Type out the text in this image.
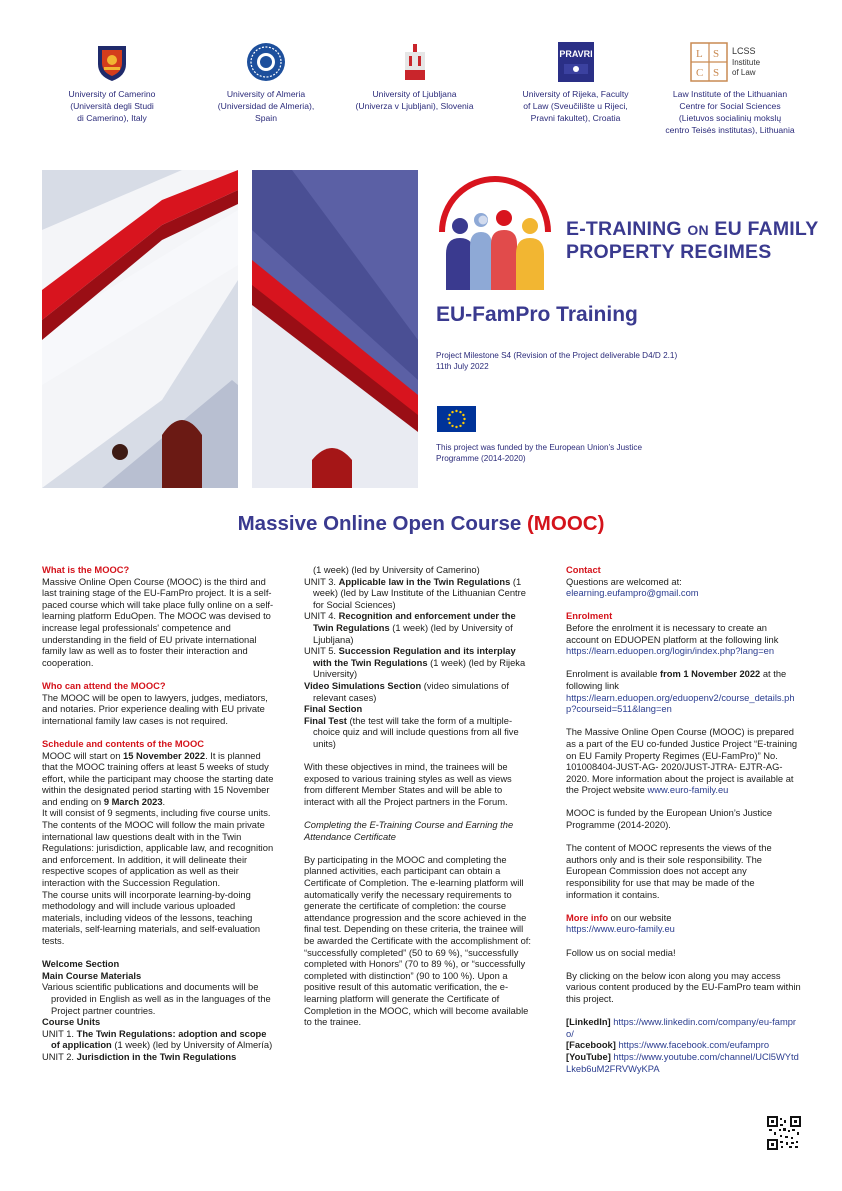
University of Camerino
(Università degli Studi
di Camerino), Italy
University of Almeria
(Universidad de Almeria), Spain
University of Ljubljana
(Univerza v Ljubljani), Slovenia
PRAVRI
University of Rijeka, Faculty
of Law (Sveučilište u Rijeci,
Pravni fakultet), Croatia
L S
C S
LCSS
Institute
of Law
Law Institute of the Lithuanian
Centre for Social Sciences
(Lietuvos socialinių mokslų
centro Teisės institutas), Lithuania
E-TRAINING ON EU FAMILY
PROPERTY REGIMES
EU-FamPro Training
Project Milestone S4 (Revision of the Project deliverable D4/D 2.1)
11th July 2022
This project was funded by the European Union’s Justice Programme (2014-2020)
Massive Online Open Course (MOOC)

What is the MOOC?

Massive Online Open Course (MOOC) is the third and last training stage of the EU-FamPro project. It is a self-paced course which will take place fully online on a self-learning platform EduOpen. The MOOC was devised to increase legal professionals' competence and understanding in the field of EU private international family law as well as to foster their interaction and cooperation.

Who can attend the MOOC?

The MOOC will be open to lawyers, judges, mediators, and notaries. Prior experience dealing with EU private international family law cases is not required.

Schedule and contents of the MOOC

MOOC will start on 15 November 2022. It is planned that the MOOC training offers at least 5 weeks of study effort, while the participant may choose the starting date within the designated period starting with 15 November and ending on 9 March 2023.

It will consist of 9 segments, including five course units. The contents of the MOOC will follow the main private international law questions dealt with in the Twin Regulations: jurisdiction, applicable law, and recognition and enforcement. In addition, it will delineate their respective scopes of application as well as their interaction with the Succession Regulation.

The course units will incorporate learning-by-doing methodology and will include various uploaded materials, including videos of the lessons, teaching materials, self-learning materials, and self-evaluation tests.

Welcome Section

Main Course Materials

Various scientific publications and documents will be provided in English as well as in the languages of the Project partner countries.

Course Units

UNIT 1. The Twin Regulations: adoption and scope of application (1 week) (led by University of Almería)

UNIT 2. Jurisdiction in the Twin Regulations

(1 week) (led by University of Camerino)

UNIT 3. Applicable law in the Twin Regulations (1 week) (led by Law Institute of the Lithuanian Centre for Social Sciences)

UNIT 4. Recognition and enforcement under the Twin Regulations (1 week) (led by University of Ljubljana)

UNIT 5. Succession Regulation and its interplay with the Twin Regulations (1 week) (led by Rijeka University)

Video Simulations Section (video simulations of relevant cases)

Final Section

Final Test (the test will take the form of a multiple-choice quiz and will include questions from all five units)

With these objectives in mind, the trainees will be exposed to various training styles as well as views from different Member States and will be able to interact with all the Project partners in the Forum.

Completing the E-Training Course and Earning the Attendance Certificate

By participating in the MOOC and completing the planned activities, each participant can obtain a Certificate of Completion. The e-learning platform will automatically verify the necessary requirements to generate the certificate of completion: the course attendance progression and the score achieved in the final test. Depending on these criteria, the trainee will be awarded the Certificate with the accomplishment of: “successfully completed” (50 to 69 %), “successfully completed with Honors” (70 to 89 %), or “successfully completed with distinction” (90 to 100 %). Upon a positive result of this automatic verification, the e-learning platform will generate the Certificate of Completion in the MOOC, which will become available to the trainee.

Contact

Questions are welcomed at:

elearning.eufampro@gmail.com

Enrolment

Before the enrolment it is necessary to create an account on EDUOPEN platform at the following link

https://learn.eduopen.org/login/index.php?lang=en

Enrolment is available from 1 November 2022 at the following link

https://learn.eduopen.org/eduopenv2/course_details.php?courseid=511&lang=en

The Massive Online Open Course (MOOC) is prepared as a part of the EU co-funded Justice Project “E-training on EU Family Property Regimes (EU-FamPro)” No. 101008404-JUST-AG- 2020/JUST-JTRA- EJTR-AG-2020. More information about the project is available at the Project website www.euro-family.eu

MOOC is funded by the European Union’s Justice Programme (2014-2020).

The content of MOOC represents the views of the authors only and is their sole responsibility. The European Commission does not accept any responsibility for use that may be made of the information it contains.

More info on our website

https://www.euro-family.eu

Follow us on social media!

By clicking on the below icon along you may access various content produced by the EU-FamPro team within this project.

[LinkedIn] https://www.linkedin.com/company/eu-fampro/

[Facebook] https://www.facebook.com/eufampro

[YouTube] https://www.youtube.com/channel/UCl5WYtdLkeb6uM2FRVWyKPA
